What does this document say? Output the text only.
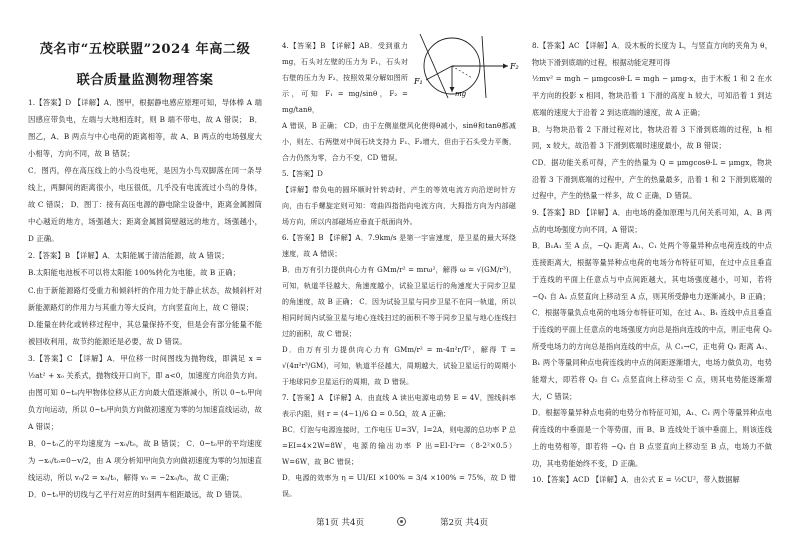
茂名市“五校联盟”2024 年高二级
联合质量监测物理答案

1.【答案】D 【详解】A．图甲，根据静电感应原理可知，导体棒 A 端因感应带负电，左端与大地相连时，则 B 端不带电，故 A 错误； B．图乙，A、B 两点与中心电荷的距离相等，故 A、B 两点的电场强度大小相等，方向不同，故 B 错误；

C．图丙，停在高压线上的小鸟没电死，是因为小鸟双脚落在同一条导线上，两脚间的距离很小，电压很低，几乎没有电流流过小鸟的身体，故 C 错误； D．图丁：接有高压电源的静电除尘设备中，距离金属圆筒中心越近的地方，场强越大；距离金属圆筒壁越远的地方，场强越小，D 正确。

2.【答案】B 【详解】A．太阳能属于清洁能源，故 A 错误；

B.太阳能电池板不可以将太阳能 100%转化为电能，故 B 正确；

C.由于新能源路灯受重力和倾斜杆的作用力处于静止状态，故倾斜杆对新能源路灯的作用力与其重力等大反向，方向竖直向上，故 C 错误；

D.能量在转化或转移过程中，其总量保持不变，但是会有部分能量不能被回收利用，故节约能源还是必要，故 D 错误。

3.【答案】C 【详解】A．甲位移一时间图线为抛物线，即满足 x = ½at² + x₀ 关系式，抛物线开口向下，即 a<0，加速度方向沿负方向。由图可知 0~t₀内甲物体位移从正方向最大值逐渐减小，所以 0~t₀甲向负方向运动，所以 0~t₀甲向负方向做初速度为零的匀加速直线运动，故 A 错误；

B．0~t₀乙的平均速度为 −x₀/t₀，故 B 错误； C．0~t₀甲的平均速度为 −x₀/t₀=0−v/2，由 A 项分析知甲向负方向做初速度为零的匀加速直线运动，所以 v₀/2 = x₀/t₀，解得 v₀ = −2x₀/t₀，故 C 正确；

D．0~t₀甲的切线与乙平行对应的时刻两车相距最远，故 D 错误。

4.【答案】B 【详解】AB．受到重力 mg，石头对左壁的压力为 F₁，石头对右壁的压力为 F₂，按照效果分解如图所示，可知 F₁ = mg/sinθ，F₂ = mg/tanθ，

A 错误，B 正确； CD．由于左侧崖壁风化使得θ减小，sinθ和tanθ都减小，则左、右两壁对中间石块支持力 F₁、F₂增大，但由于石头受力平衡，合力仍然为零，合力不变，CD 错误。

5.【答案】D

【详解】带负电的圆环顺时针转动时，产生的等效电流方向沿逆时针方向，由右手螺旋定则可知：弯曲四指指向电流方向，大拇指方向为内部磁场方向，所以内部磁场应垂直于纸面向外。

6.【答案】B 【详解】A．7.9km/s 是第一宇宙速度，是卫星的最大环绕速度，故 A 错误；

B．由万有引力提供向心力有 GMm/r² = mrω²，解得 ω = √(GM/r³)，可知，轨道半径越大，角速度越小，试验卫星运行的角速度大于同步卫星的角速度，故 B 正确； C．因为试验卫星与同步卫星不在同一轨道，所以相同时间内试验卫星与地心连线扫过的面积不等于同步卫星与地心连线扫过的面积，故 C 错误；

D．由万有引力提供向心力有 GMm/r² = m·4π²r/T²，解得 T = √(4π²r³/GM)，可知，轨道半径越大，周期越大，试验卫星运行的周期小于地球同步卫星运行的周期，故 D 错误。

7.【答案】A 【详解】A．由直线 A 读出电源电动势 E = 4V，图线斜率表示内阻，则 r = (4−1)/6 Ω = 0.5Ω，故 A 正确；

BC．灯泡与电源连接时，工作电压 U=3V，I=2A，则电源的总功率 P 总=EI=4×2W=8W，电源的输出功率 P 出=EI-I²r=（8-2²×0.5）W=6W，故 BC 错误；

D．电源的效率为 η = UI/EI ×100% = 3/4 ×100% = 75%，故 D 错误。

F₁
F₂
mg

8.【答案】AC 【详解】A．设木板的长度为 L，与竖直方向的夹角为 θ，物块下滑到底端的过程，根据动能定理可得

½mv² = mgh − μmgcosθ·L = mgh − μmg·x，由于木板 1 和 2 在水平方向的投影 x 相同，物块沿着 1 下滑的高度 h 较大，可知沿着 1 到达底端的速度大于沿着 2 到达底端的速度，故 A 正确；

B．与物块沿着 2 下滑过程对比，物块沿着 3 下滑到底端的过程，h 相同，x 较大，故沿着 3 下滑到底端时速度最小，故 B 错误；

CD．据功能关系可得，产生的热量为 Q = μmgcosθ·L = μmgx，物块沿着 3 下滑到底端的过程中，产生的热量最多，沿着 1 和 2 下滑到底端的过程中，产生的热量一样多，故 C 正确，D 错误。

9.【答案】BD 【详解】A．由电场的叠加原理与几何关系可知，A、B 两点的电场强度方向不同，A 错误；

B．B₁A₁ 至 A 点，−Q₁ 距离 A₁、C₁ 处两个等量异种点电荷连线的中点连接距离大，根据等量异种点电荷的电场分布特征可知，在过中点且垂直于连线的平面上任意点与中点间距越大，其电场强度越小，可知，若将 −Q₁ 自 A₁ 点竖直向上移动至 A 点，则其所受静电力逐渐减小，B 正确；

C．根据等量负点电荷的电场分布特征可知，在过 A₁、B₁ 连线中点且垂直于连线的平面上任意点的电场强度方向总是指向连线的中点，则正电荷 Q₂ 所受电场力的方向总是指向连线的中点，从 C₁→C，正电荷 Q₂ 距离 A₁、B₁ 两个等量同种点电荷连线的中点的间距逐渐增大，电场力做负功，电势能增大，即若将 Q₂ 自 C₁ 点竖直向上移动至 C 点，则其电势能逐渐增大，C 错误；

D．根据等量异种点电荷的电势分布特征可知，A₁、C₁ 两个等量异种点电荷连线的中垂面是一个等势面，而 B、B 连线处于该中垂面上，则该连线上的电势相等，即若将 −Q₁ 自 B 点竖直向上移动至 B 点，电场力不做功，其电势能始终不变，D 正确。

10.【答案】ACD 【详解】A．由公式 E = ½CU²，带入数据解

第1页 共4页	第2页 共4页
